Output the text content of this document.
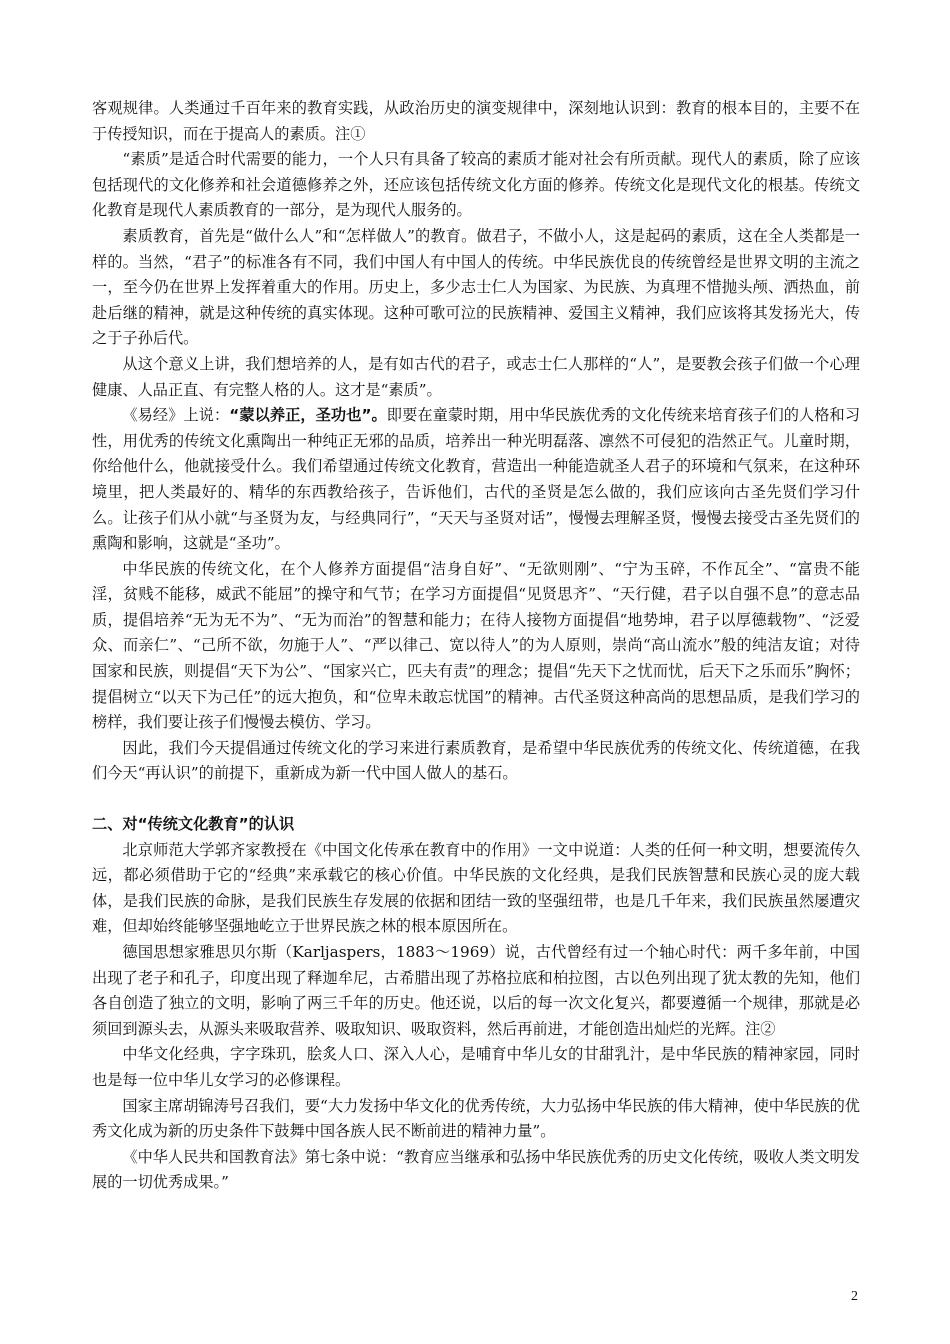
客观规律。人类通过千百年来的教育实践，从政治历史的演变规律中，深刻地认识到：教育的根本目的，主要不在于传授知识，而在于提高人的素质。注①

“素质”是适合时代需要的能力，一个人只有具备了较高的素质才能对社会有所贡献。现代人的素质，除了应该包括现代的文化修养和社会道德修养之外，还应该包括传统文化方面的修养。传统文化是现代文化的根基。传统文化教育是现代人素质教育的一部分，是为现代人服务的。

素质教育，首先是“做什么人”和“怎样做人”的教育。做君子，不做小人，这是起码的素质，这在全人类都是一样的。当然，“君子”的标准各有不同，我们中国人有中国人的传统。中华民族优良的传统曾经是世界文明的主流之一，至今仍在世界上发挥着重大的作用。历史上，多少志士仁人为国家、为民族、为真理不惜抛头颅、洒热血，前赴后继的精神，就是这种传统的真实体现。这种可歌可泣的民族精神、爱国主义精神，我们应该将其发扬光大，传之于子孙后代。

从这个意义上讲，我们想培养的人，是有如古代的君子，或志士仁人那样的“人”，是要教会孩子们做一个心理健康、人品正直、有完整人格的人。这才是“素质”。

《易经》上说：“蒙以养正，圣功也”。即要在童蒙时期，用中华民族优秀的文化传统来培育孩子们的人格和习性，用优秀的传统文化熏陶出一种纯正无邪的品质，培养出一种光明磊落、凛然不可侵犯的浩然正气。儿童时期，你给他什么，他就接受什么。我们希望通过传统文化教育，营造出一种能造就圣人君子的环境和气氛来，在这种环境里，把人类最好的、精华的东西教给孩子，告诉他们，古代的圣贤是怎么做的，我们应该向古圣先贤们学习什么。让孩子们从小就“与圣贤为友，与经典同行”，“天天与圣贤对话”，慢慢去理解圣贤，慢慢去接受古圣先贤们的熏陶和影响，这就是“圣功”。

中华民族的传统文化，在个人修养方面提倡“洁身自好”、“无欲则刚”、“宁为玉碎，不作瓦全”、“富贵不能淫，贫贱不能移，威武不能屈”的操守和气节；在学习方面提倡“见贤思齐”、“天行健，君子以自强不息”的意志品质，提倡培养“无为无不为”、“无为而治”的智慧和能力；在待人接物方面提倡“地势坤，君子以厚德载物”、“泛爱众、而亲仁”、“己所不欲，勿施于人”、“严以律己、宽以待人”的为人原则，崇尚“高山流水”般的纯洁友谊；对待国家和民族，则提倡“天下为公”、“国家兴亡，匹夫有责”的理念；提倡“先天下之忧而忧，后天下之乐而乐”胸怀；提倡树立“以天下为己任”的远大抱负，和“位卑未敢忘忧国”的精神。古代圣贤这种高尚的思想品质，是我们学习的榜样，我们要让孩子们慢慢去模仿、学习。

因此，我们今天提倡通过传统文化的学习来进行素质教育，是希望中华民族优秀的传统文化、传统道德，在我们今天“再认识”的前提下，重新成为新一代中国人做人的基石。

二、对“传统文化教育”的认识

北京师范大学郭齐家教授在《中国文化传承在教育中的作用》一文中说道：人类的任何一种文明，想要流传久远，都必须借助于它的“经典”来承载它的核心价值。中华民族的文化经典，是我们民族智慧和民族心灵的庞大载体，是我们民族的命脉，是我们民族生存发展的依据和团结一致的坚强纽带，也是几千年来，我们民族虽然屡遭灾难，但却始终能够坚强地屹立于世界民族之林的根本原因所在。

德国思想家雅思贝尔斯（Karljaspers，1883～1969）说，古代曾经有过一个轴心时代：两千多年前，中国出现了老子和孔子，印度出现了释迦牟尼，古希腊出现了苏格拉底和柏拉图，古以色列出现了犹太教的先知，他们各自创造了独立的文明，影响了两三千年的历史。他还说，以后的每一次文化复兴，都要遵循一个规律，那就是必须回到源头去，从源头来吸取营养、吸取知识、吸取资料，然后再前进，才能创造出灿烂的光辉。注②

中华文化经典，字字珠玑，脍炙人口、深入人心，是哺育中华儿女的甘甜乳汁，是中华民族的精神家园，同时也是每一位中华儿女学习的必修课程。

国家主席胡锦涛号召我们，要“大力发扬中华文化的优秀传统，大力弘扬中华民族的伟大精神，使中华民族的优秀文化成为新的历史条件下鼓舞中国各族人民不断前进的精神力量”。

《中华人民共和国教育法》第七条中说：“教育应当继承和弘扬中华民族优秀的历史文化传统，吸收人类文明发展的一切优秀成果。”

2
